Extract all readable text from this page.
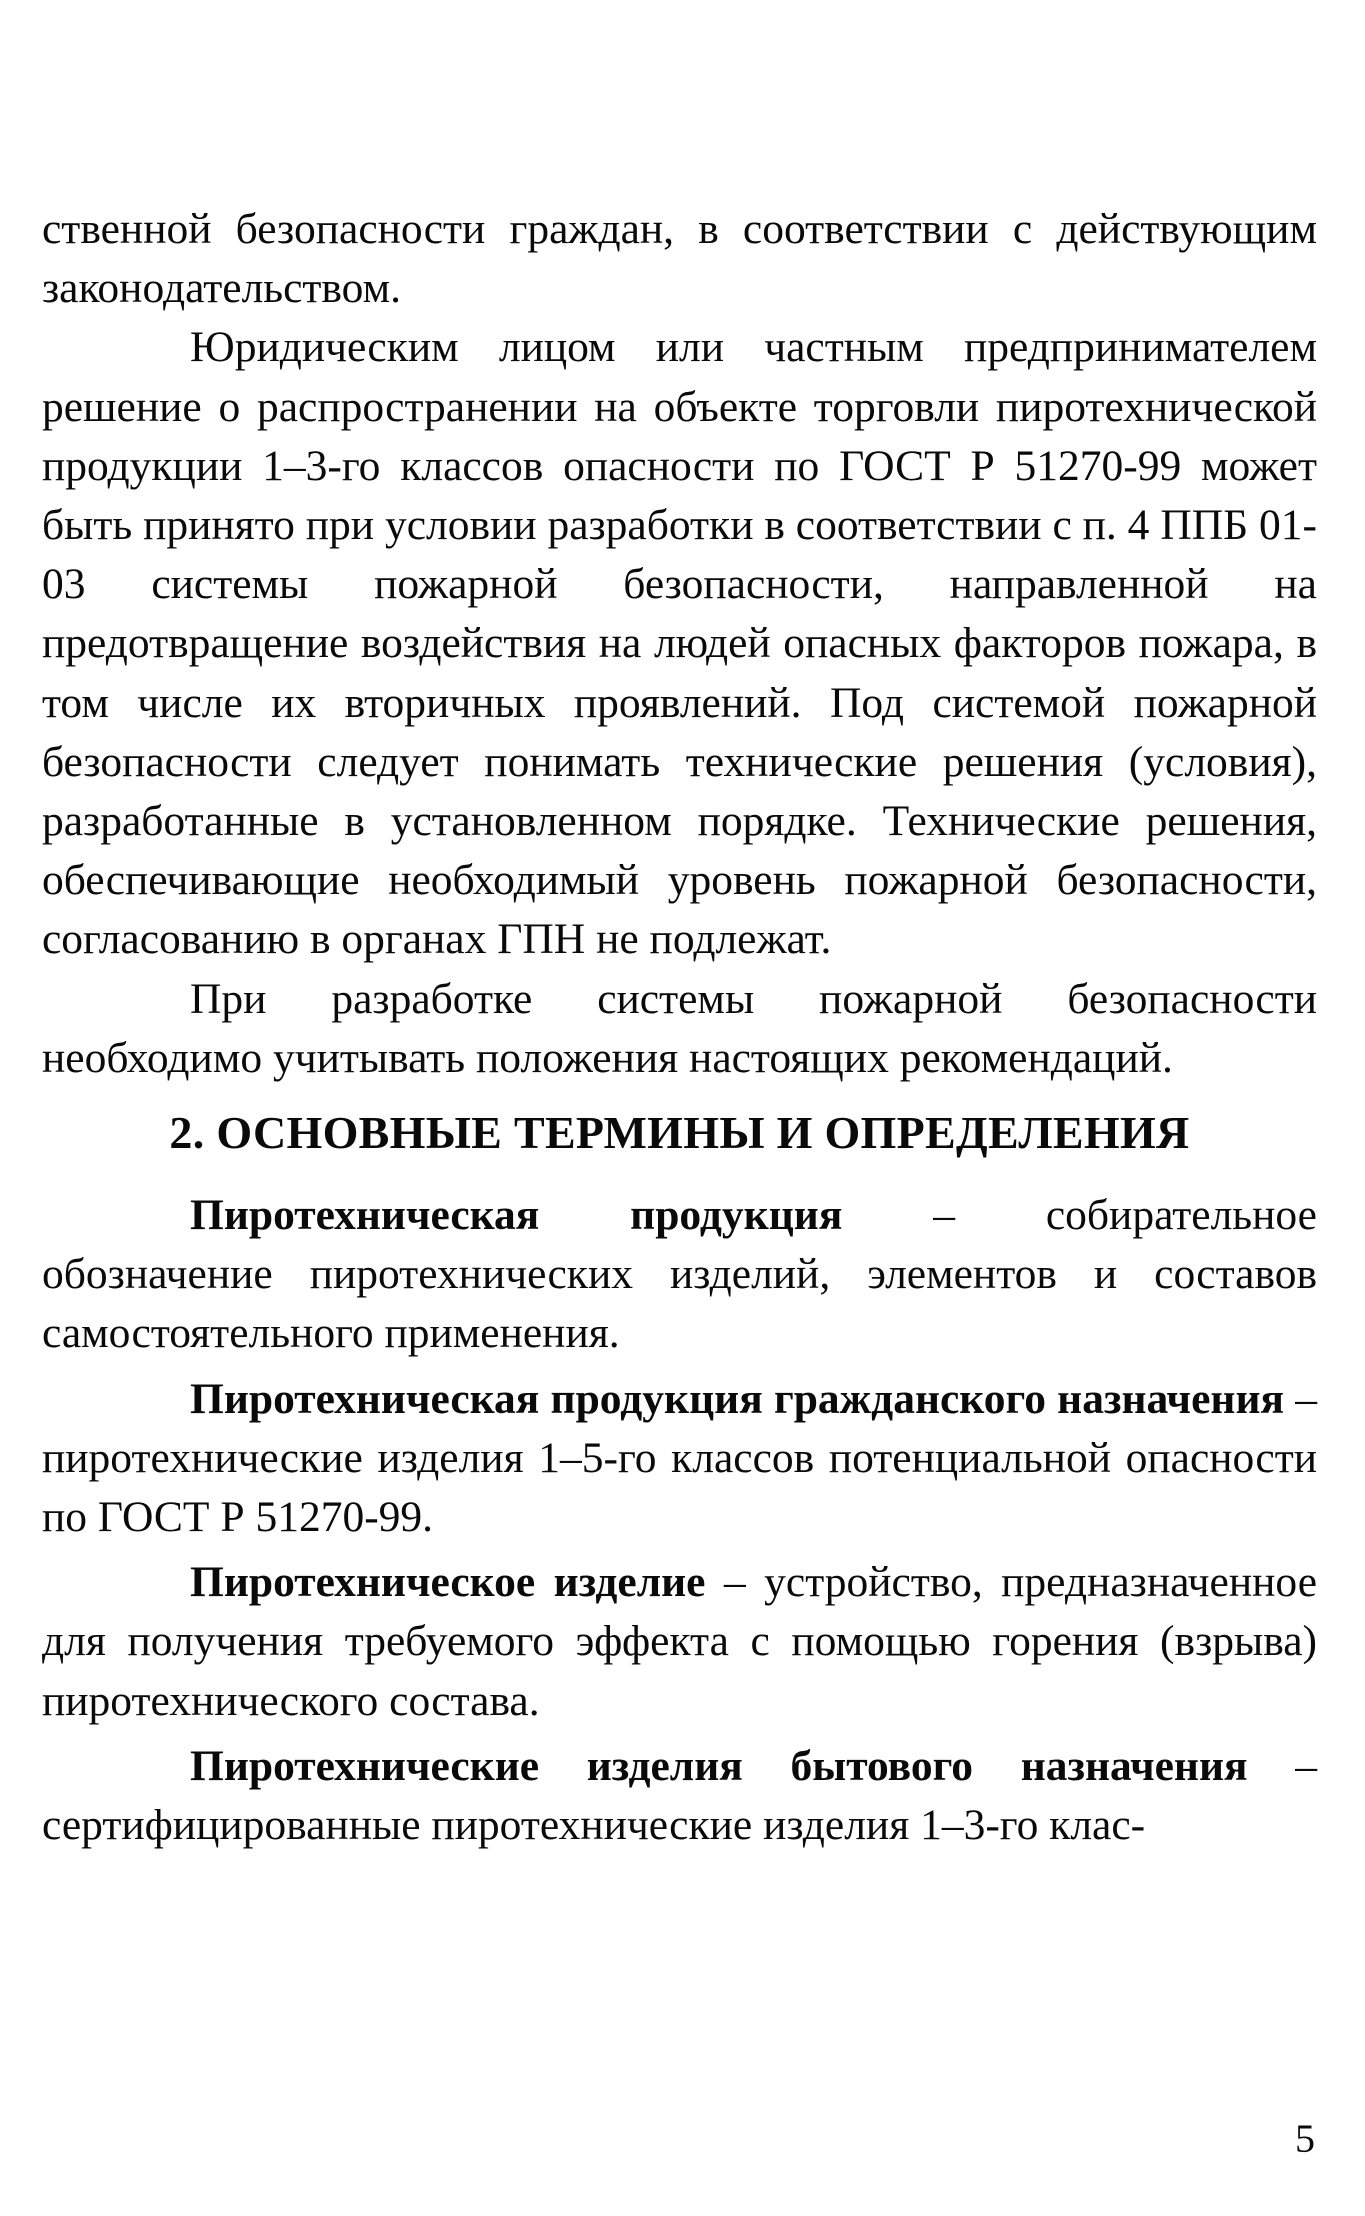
ственной безопасности граждан, в соответствии с действующим законодательством.

Юридическим лицом или частным предпринимателем решение о распространении на объекте торговли пиротехнической продукции 1–3-го классов опасности по ГОСТ Р 51270-99 может быть принято при условии разработки в соответствии с п. 4 ППБ 01-03 системы пожарной безопасности, направленной на предотвращение воздействия на людей опасных факторов пожара, в том числе их вторичных проявлений. Под системой пожарной безопасности следует понимать технические решения (условия), разработанные в установленном порядке. Технические решения, обеспечивающие необходимый уровень пожарной безопасности, согласованию в органах ГПН не подлежат.

При разработке системы пожарной безопасности необходимо учитывать положения настоящих рекомендаций.

2. ОСНОВНЫЕ ТЕРМИНЫ И ОПРЕДЕЛЕНИЯ

Пиротехническая продукция – собирательное обозначение пиротехнических изделий, элементов и составов самостоятельного применения.

Пиротехническая продукция гражданского назначения – пиротехнические изделия 1–5-го классов потенциальной опасности по ГОСТ Р 51270-99.

Пиротехническое изделие – устройство, предназначенное для получения требуемого эффекта с помощью горения (взрыва) пиротехнического состава.

Пиротехнические изделия бытового назначения – сертифицированные пиротехнические изделия 1–3-го клас-

5
